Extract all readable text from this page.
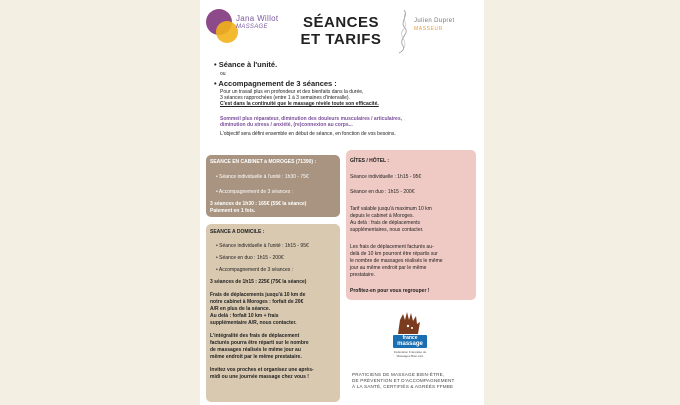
Jana Willot
MASSAGE SÉANCES
ET TARIFS
Julien Dupret
MASSEUR
• Séance à l'unité.
ou
• Accompagnement de 3 séances :
Pour un travail plus en profondeur et des bienfaits dans la durée,
3 séances rapprochées (entre 1 à 3 semaines d'intervalle).
C'est dans la continuité que le massage révèle toute son efficacité.
Sommeil plus réparateur, diminution des douleurs musculaires / articulaires,
diminution du stress / anxiété, (re)connexion au corps...
L'objectif sera défini ensemble en début de séance, en fonction de vos besoins.
SEANCE EN CABINET à MOROGES (71390) :
• Séance individuelle à l'unité : 1h30 - 75€
• Accompagnement de 3 séances :
3 séances de 1h30 : 165€ (55€ la séance)
Paiement en 1 fois.
SEANCE A DOMICILE :
• Séance individuelle à l'unité : 1h15 - 95€
• Séance en duo : 1h15 - 200€
• Accompagnement de 3 séances :
3 séances de 1h15 : 225€ (75€ la séance)
Frais de déplacements jusqu'à 10 km de
notre cabinet à Moroges : forfait de 20€
A/R en plus de la séance.
Au delà : forfait 10 km + frais
supplémentaire A/R, nous contacter.
L'intégralité des frais de déplacement
facturés pourra être réparti sur le nombre
de massages réalisés le même jour au
même endroit par le même prestataire.
Invitez vos proches et organisez une après-
midi ou une journée massage chez vous !
GÎTES / HÔTEL :
Séance individuelle : 1h15 - 95€
Séance en duo : 1h15 - 200€
Tarif valable jusqu'à maximum 10 km
depuis le cabinet à Moroges.
Au delà : frais de déplacements
supplémentaires, nous contacter.
Les frais de déplacement facturés au-
delà de 10 km pourront être répartis sur
le nombre de massages réalisés le même
jour au même endroit par le même
prestataire.
Profitez-en pour vous regrouper !
france
massage
Fédération Française de Massages Bien-être
PRATICIENS DE MASSAGE BIEN-ÊTRE,
DE PRÉVENTION ET D'ACCOMPAGNEMENT
À LA SANTÉ, CERTIFIÉS & AGRÉÉS FFMBE
